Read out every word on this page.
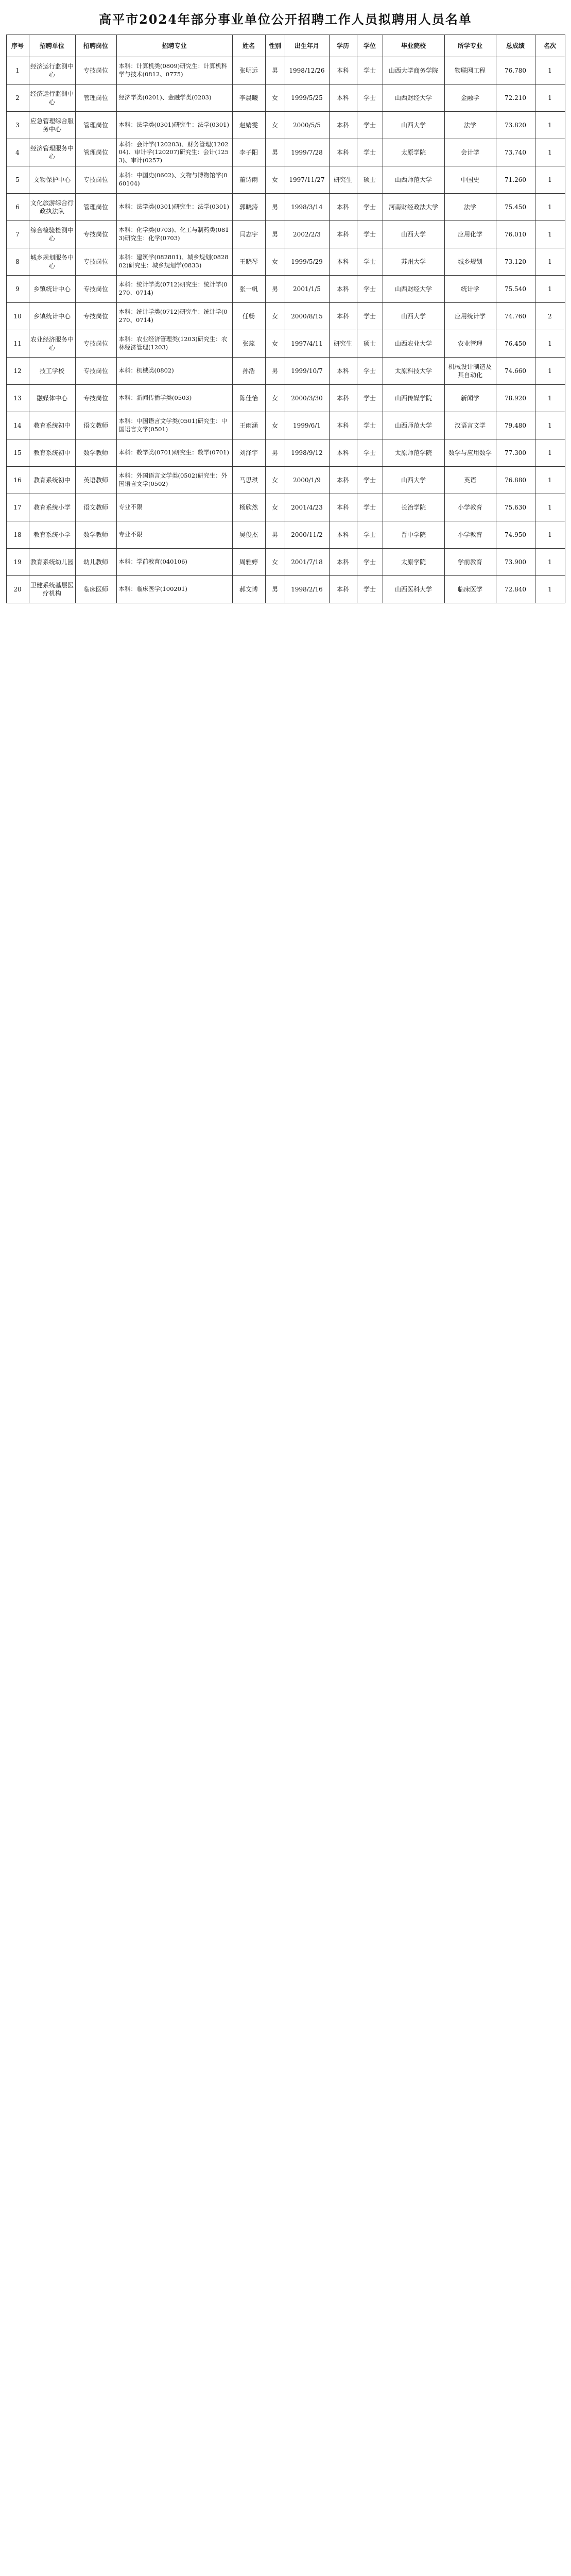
高平市2024年部分事业单位公开招聘工作人员拟聘用人员名单
序号	招聘单位	招聘岗位	招聘专业	姓名	性别	出生年月	学历	学位	毕业院校	所学专业	总成绩	名次
1	经济运行监测中心	专技岗位	本科：计算机类(0809)研究生：计算机科学与技术(0812、0775)	张明远	男	1998/12/26	本科	学士	山西大学商务学院	物联网工程	76.780	1
2	经济运行监测中心	管理岗位	经济学类(0201)、金融学类(0203)	李晨曦	女	1999/5/25	本科	学士	山西财经大学	金融学	72.210	1
3	应急管理综合服务中心	管理岗位	本科：法学类(0301)研究生：法学(0301)	赵婧雯	女	2000/5/5	本科	学士	山西大学	法学	73.820	1
4	经济管理服务中心	管理岗位	本科：会计学(120203)、财务管理(120204)、审计学(120207)研究生：会计(1253)、审计(0257)	李子阳	男	1999/7/28	本科	学士	太原学院	会计学	73.740	1
5	文物保护中心	专技岗位	本科：中国史(0602)、文物与博物馆学(060104)	董诗雨	女	1997/11/27	研究生	硕士	山西师范大学	中国史	71.260	1
6	文化旅游综合行政执法队	管理岗位	本科：法学类(0301)研究生：法学(0301)	郭晓涛	男	1998/3/14	本科	学士	河南财经政法大学	法学	75.450	1
7	综合检验检测中心	专技岗位	本科：化学类(0703)、化工与制药类(0813)研究生：化学(0703)	闫志宇	男	2002/2/3	本科	学士	山西大学	应用化学	76.010	1
8	城乡规划服务中心	专技岗位	本科：建筑学(082801)、城乡规划(082802)研究生：城乡规划学(0833)	王晓琴	女	1999/5/29	本科	学士	苏州大学	城乡规划	73.120	1
9	乡镇统计中心	专技岗位	本科：统计学类(0712)研究生：统计学(0270、0714)	张一帆	男	2001/1/5	本科	学士	山西财经大学	统计学	75.540	1
10	乡镇统计中心	专技岗位	本科：统计学类(0712)研究生：统计学(0270、0714)	任畅	女	2000/8/15	本科	学士	山西大学	应用统计学	74.760	2
11	农业经济服务中心	专技岗位	本科：农业经济管理类(1203)研究生：农林经济管理(1203)	张蕊	女	1997/4/11	研究生	硕士	山西农业大学	农业管理	76.450	1
12	技工学校	专技岗位	本科：机械类(0802)	孙浩	男	1999/10/7	本科	学士	太原科技大学	机械设计制造及其自动化	74.660	1
13	融媒体中心	专技岗位	本科：新闻传播学类(0503)	陈佳怡	女	2000/3/30	本科	学士	山西传媒学院	新闻学	78.920	1
14	教育系统初中	语文教师	本科：中国语言文学类(0501)研究生：中国语言文学(0501)	王雨涵	女	1999/6/1	本科	学士	山西师范大学	汉语言文学	79.480	1
15	教育系统初中	数学教师	本科：数学类(0701)研究生：数学(0701)	刘泽宇	男	1998/9/12	本科	学士	太原师范学院	数学与应用数学	77.300	1
16	教育系统初中	英语教师	本科：外国语言文学类(0502)研究生：外国语言文学(0502)	马思琪	女	2000/1/9	本科	学士	山西大学	英语	76.880	1
17	教育系统小学	语文教师	专业不限	杨欣然	女	2001/4/23	本科	学士	长治学院	小学教育	75.630	1
18	教育系统小学	数学教师	专业不限	吴俊杰	男	2000/11/2	本科	学士	晋中学院	小学教育	74.950	1
19	教育系统幼儿园	幼儿教师	本科：学前教育(040106)	周雅婷	女	2001/7/18	本科	学士	太原学院	学前教育	73.900	1
20	卫健系统基层医疗机构	临床医师	本科：临床医学(100201)	郝文博	男	1998/2/16	本科	学士	山西医科大学	临床医学	72.840	1
